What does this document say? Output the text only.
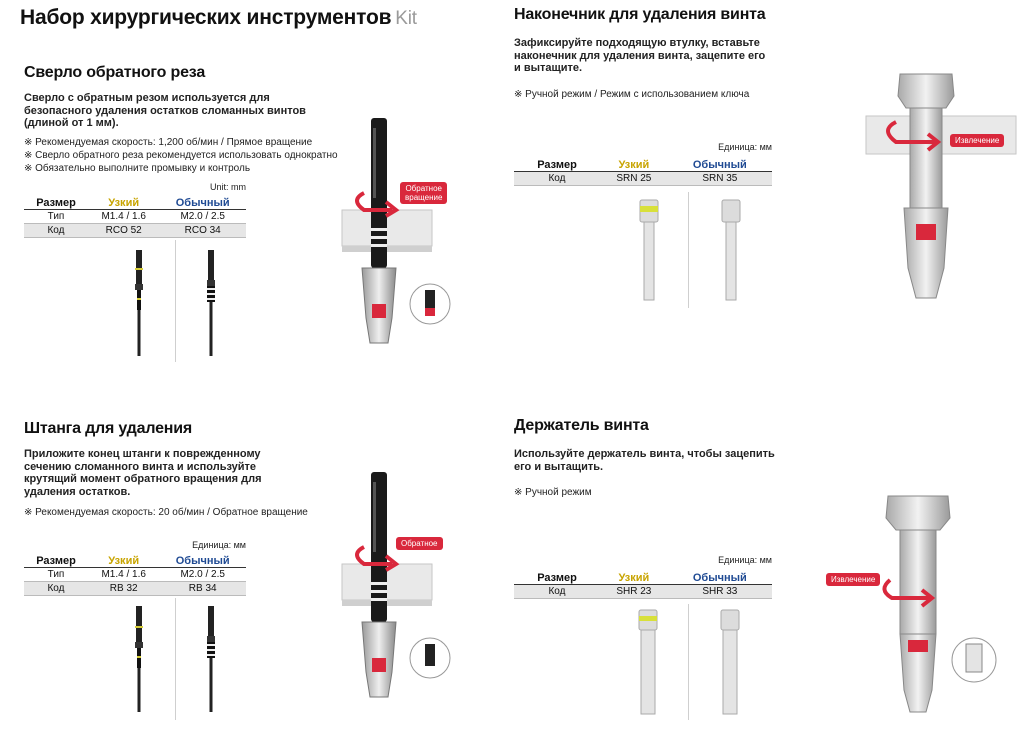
Набор хирургических инструментов Kit
Сверло обратного реза
Сверло с обратным резом используется для
безопасного удаления остатков сломанных винтов
(длиной от 1 мм).
※ Рекомендуемая скорость: 1,200 об/мин / Прямое вращение
※ Сверло обратного реза рекомендуется использовать однократно
※ Обязательно выполните промывку и контроль
Unit: mm
Размер	Узкий	Обычный
Тип	M1.4 / 1.6	M2.0 / 2.5
Код	RCO 52	RCO 34
Обратное
вращение
Наконечник для удаления винта
Зафиксируйте подходящую втулку, вставьте
наконечник для удаления винта, зацепите его
и вытащите.
※ Ручной режим / Режим с использованием ключа
Единица: мм
Размер	Узкий	Обычный
Код	SRN 25	SRN 35
Извлечение
Штанга для удаления
Приложите конец штанги к поврежденному
сечению сломанного винта и используйте
крутящий момент обратного вращения для
удаления остатков.
※ Рекомендуемая скорость: 20 об/мин / Обратное вращение
Единица: мм
Размер	Узкий	Обычный
Тип	M1.4 / 1.6	M2.0 / 2.5
Код	RB 32	RB 34
Обратное
Держатель винта
Используйте держатель винта, чтобы зацепить
его и вытащить.
※ Ручной режим
Единица: мм
Размер	Узкий	Обычный
Код	SHR 23	SHR 33
Извлечение
